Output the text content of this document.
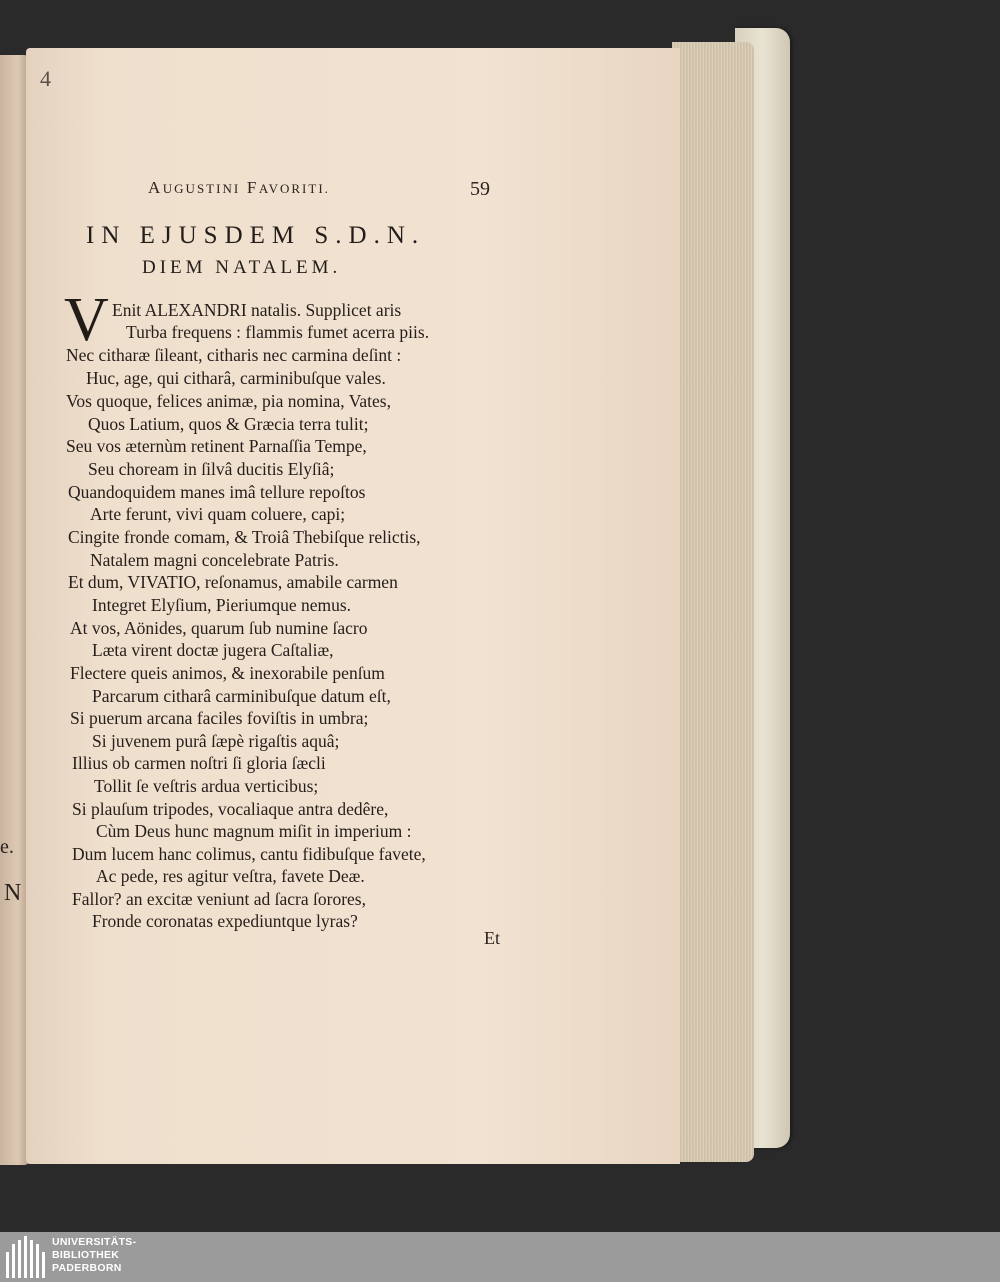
e.
N
4
AUGUSTINI FAVORITI.	59
IN EJUSDEM S.D.N.
DIEM NATALEM.
V Enit ALEXANDRI natalis. Supplicet aris
Turba frequens : flammis fumet acerra piis.
Nec citharæ ſileant, citharis nec carmina deſint :
Huc, age, qui citharâ, carminibuſque vales.
Vos quoque, felices animæ, pia nomina, Vates,
Quos Latium, quos & Græcia terra tulit;
Seu vos æternùm retinent Parnaſſia Tempe,
Seu choream in ſilvâ ducitis Elyſiâ;
Quandoquidem manes imâ tellure repoſtos
Arte ferunt, vivi quam coluere, capi;
Cingite fronde comam, & Troiâ Thebiſque relictis,
Natalem magni concelebrate Patris.
Et dum, VIVATIO, reſonamus, amabile carmen
Integret Elyſium, Pieriumque nemus.
At vos, Aönides, quarum ſub numine ſacro
Læta virent doctæ jugera Caſtaliæ,
Flectere queis animos, & inexorabile penſum
Parcarum citharâ carminibuſque datum eſt,
Si puerum arcana faciles foviſtis in umbra;
Si juvenem purâ ſæpè rigaſtis aquâ;
Illius ob carmen noſtri ſi gloria ſæcli
Tollit ſe veſtris ardua verticibus;
Si plauſum tripodes, vocaliaque antra dedêre,
Cùm Deus hunc magnum miſit in imperium :
Dum lucem hanc colimus, cantu fidibuſque favete,
Ac pede, res agitur veſtra, favete Deæ.
Fallor? an excitæ veniunt ad ſacra ſorores,
Fronde coronatas expediuntque lyras?
Et
UNIVERSITÄTS-
BIBLIOTHEK
PADERBORN
